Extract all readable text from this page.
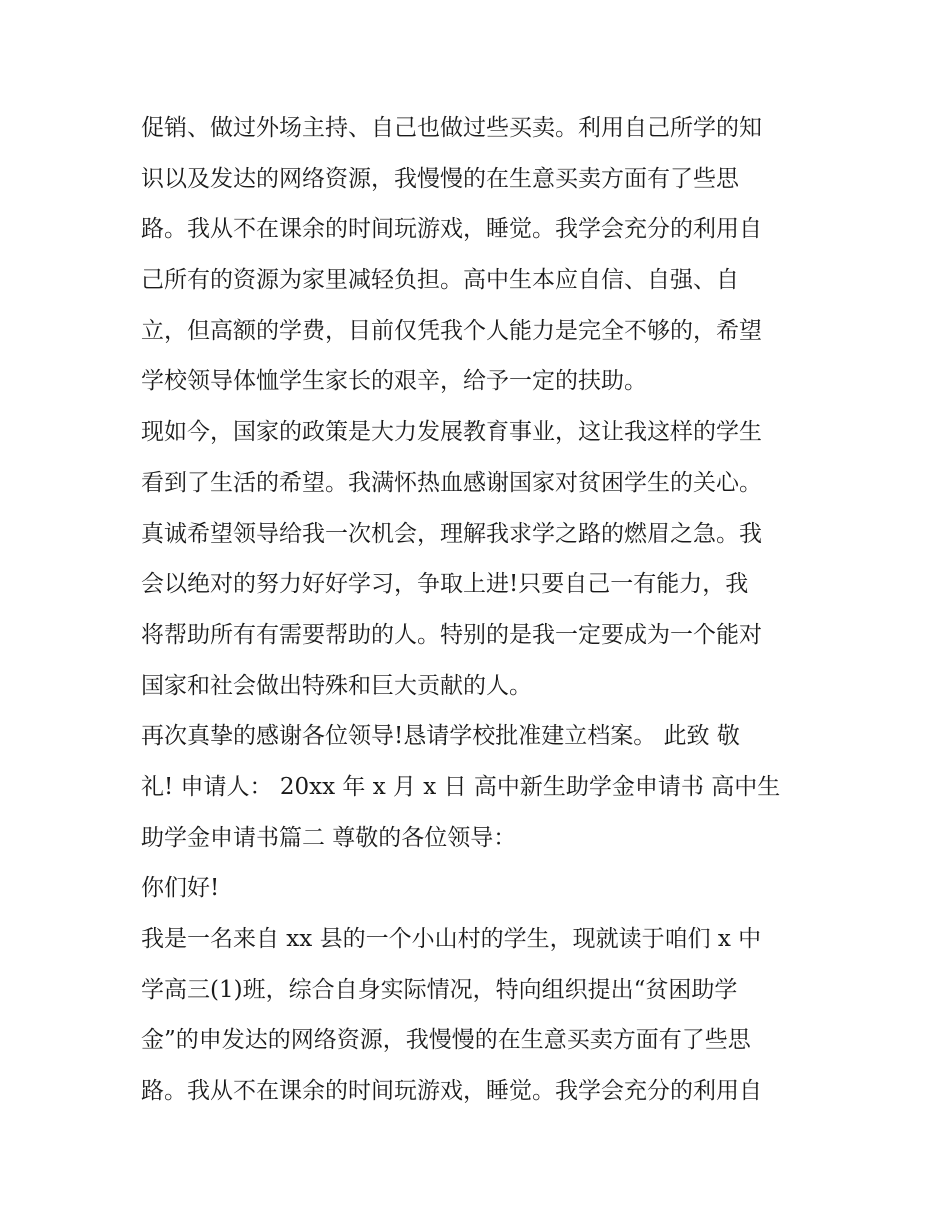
促销、做过外场主持、自己也做过些买卖。利用自己所学的知
识以及发达的网络资源，我慢慢的在生意买卖方面有了些思
路。我从不在课余的时间玩游戏，睡觉。我学会充分的利用自
己所有的资源为家里减轻负担。高中生本应自信、自强、自
立，但高额的学费，目前仅凭我个人能力是完全不够的，希望
学校领导体恤学生家长的艰辛，给予一定的扶助。
现如今，国家的政策是大力发展教育事业，这让我这样的学生
看到了生活的希望。我满怀热血感谢国家对贫困学生的关心。
真诚希望领导给我一次机会，理解我求学之路的燃眉之急。我
会以绝对的努力好好学习，争取上进!只要自己一有能力，我
将帮助所有有需要帮助的人。特别的是我一定要成为一个能对
国家和社会做出特殊和巨大贡献的人。
再次真挚的感谢各位领导!恳请学校批准建立档案。 此致 敬
礼! 申请人： 20xx 年 x 月 x 日 高中新生助学金申请书 高中生
助学金申请书篇二 尊敬的各位领导：
你们好!
我是一名来自 xx 县的一个小山村的学生，现就读于咱们 x 中
学高三(1)班，综合自身实际情况，特向组织提出“贫困助学
金”的申发达的网络资源，我慢慢的在生意买卖方面有了些思
路。我从不在课余的时间玩游戏，睡觉。我学会充分的利用自
